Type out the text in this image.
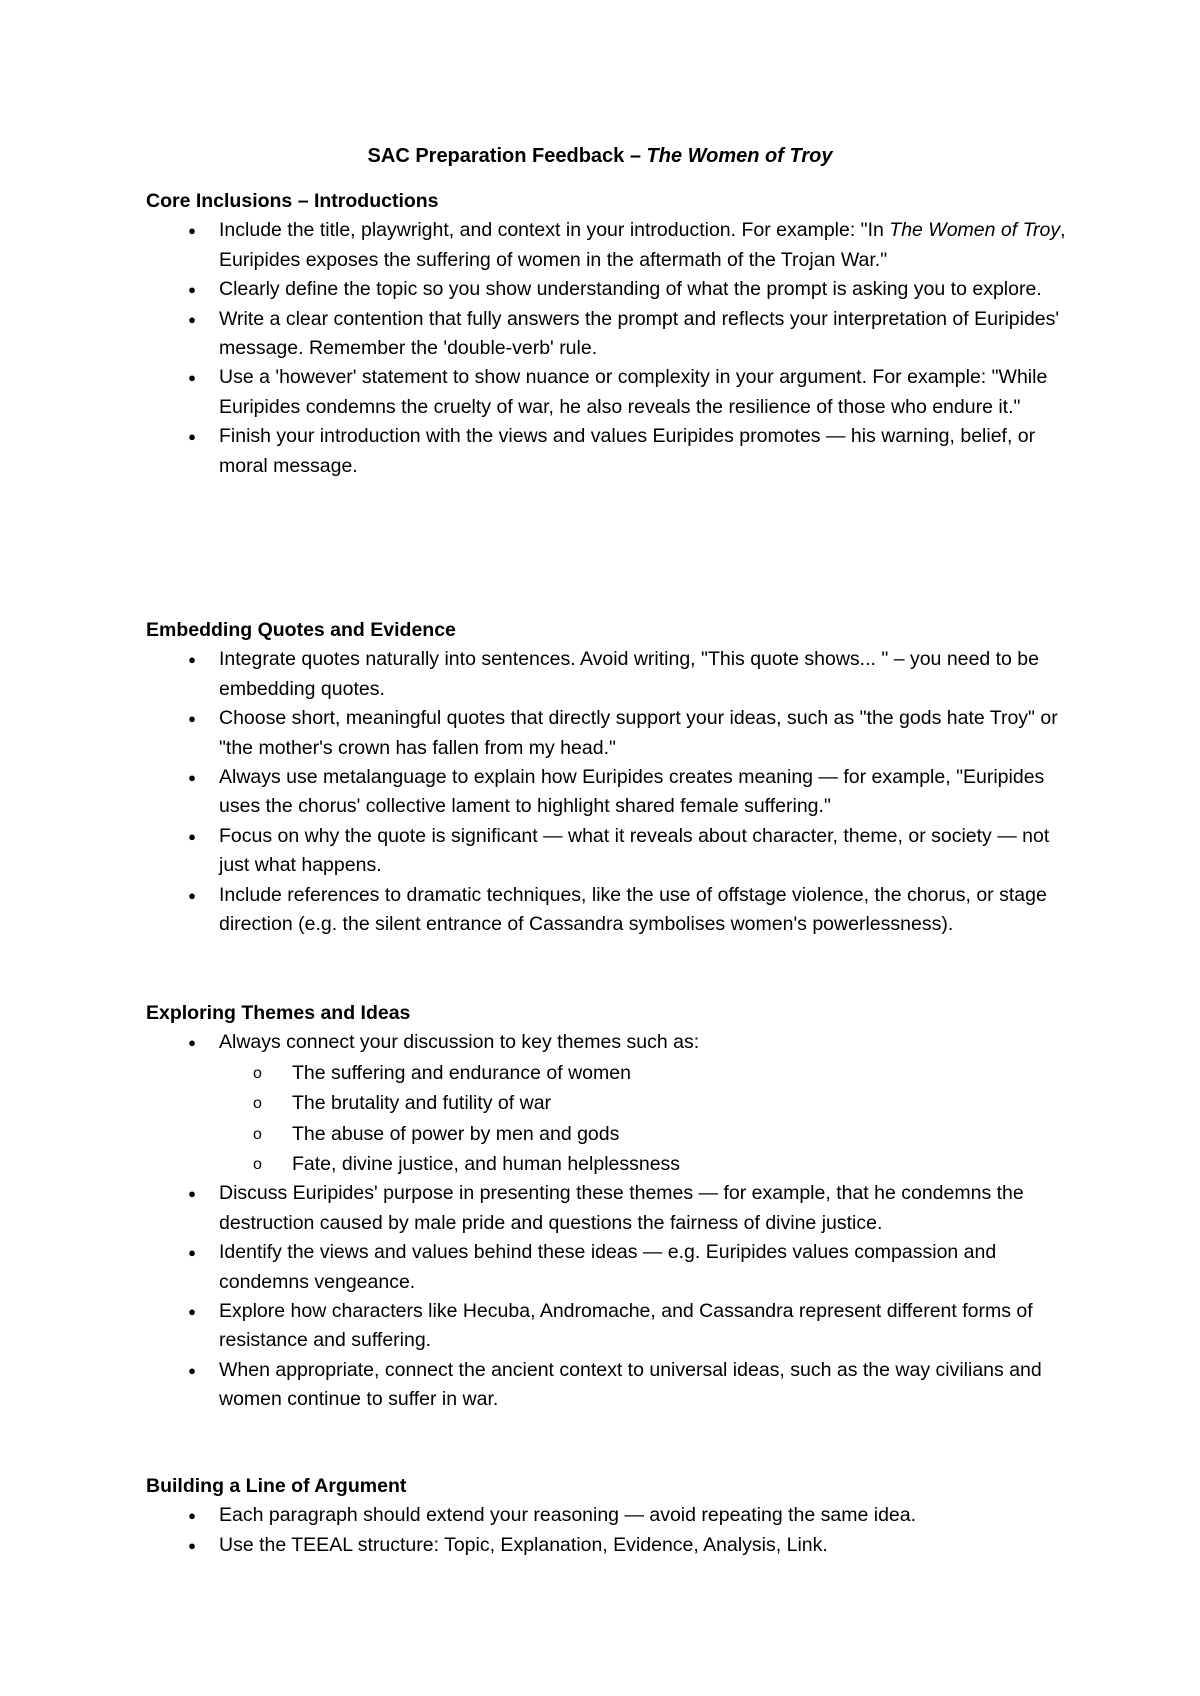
SAC Preparation Feedback – The Women of Troy
Core Inclusions – Introductions
●	Include the title, playwright, and context in your introduction. For example: "In The Women of Troy, Euripides exposes the suffering of women in the aftermath of the Trojan War."
●	Clearly define the topic so you show understanding of what the prompt is asking you to explore.
●	Write a clear contention that fully answers the prompt and reflects your interpretation of Euripides' message. Remember the 'double-verb' rule.
●	Use a 'however' statement to show nuance or complexity in your argument. For example: "While Euripides condemns the cruelty of war, he also reveals the resilience of those who endure it."
●	Finish your introduction with the views and values Euripides promotes — his warning, belief, or moral message.
Embedding Quotes and Evidence
●	Integrate quotes naturally into sentences. Avoid writing, "This quote shows... " – you need to be embedding quotes.
●	Choose short, meaningful quotes that directly support your ideas, such as "the gods hate Troy" or "the mother's crown has fallen from my head."
●	Always use metalanguage to explain how Euripides creates meaning — for example, "Euripides uses the chorus' collective lament to highlight shared female suffering."
●	Focus on why the quote is significant — what it reveals about character, theme, or society — not just what happens.
●	Include references to dramatic techniques, like the use of offstage violence, the chorus, or stage direction (e.g. the silent entrance of Cassandra symbolises women's powerlessness).
Exploring Themes and Ideas
●	Always connect your discussion to key themes such as:
o The suffering and endurance of women
o The brutality and futility of war
o The abuse of power by men and gods
o Fate, divine justice, and human helplessness
●	Discuss Euripides' purpose in presenting these themes — for example, that he condemns the destruction caused by male pride and questions the fairness of divine justice.
●	Identify the views and values behind these ideas — e.g. Euripides values compassion and condemns vengeance.
●	Explore how characters like Hecuba, Andromache, and Cassandra represent different forms of resistance and suffering.
●	When appropriate, connect the ancient context to universal ideas, such as the way civilians and women continue to suffer in war.
Building a Line of Argument
●	Each paragraph should extend your reasoning — avoid repeating the same idea.
●	Use the TEEAL structure: Topic, Explanation, Evidence, Analysis, Link.
